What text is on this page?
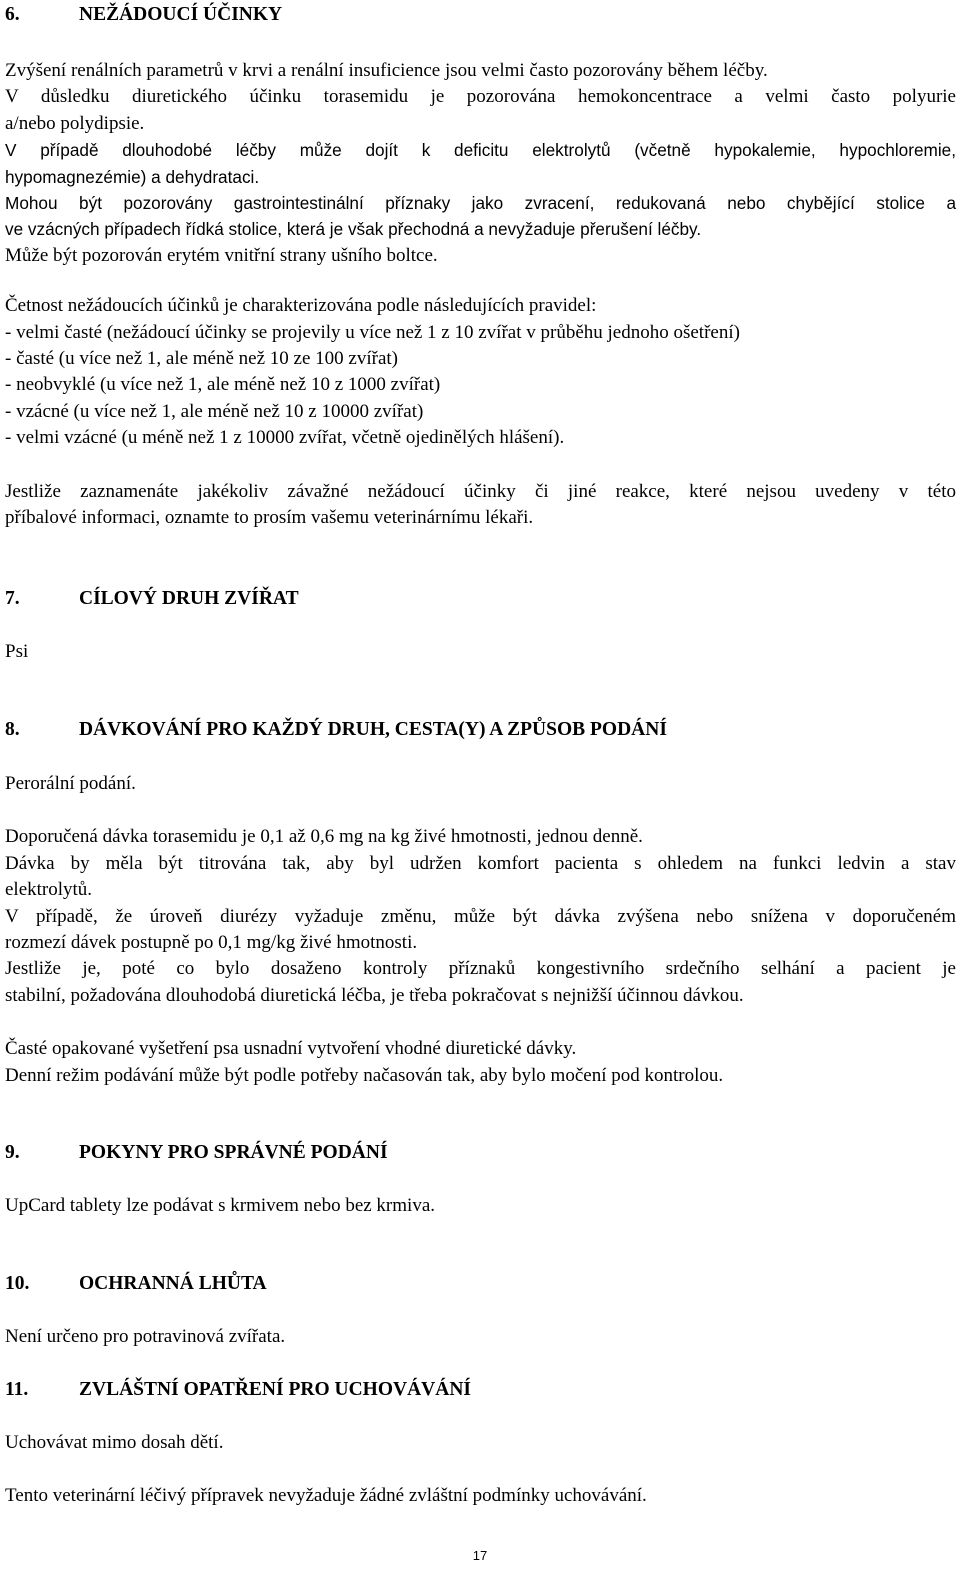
6.	NEŽÁDOUCÍ ÚČINKY
Zvýšení renálních parametrů v krvi a renální insuficience jsou velmi často pozorovány během léčby.
V důsledku diuretického účinku torasemidu je pozorována hemokoncentrace a velmi často polyurie
a/nebo polydipsie.
V případě dlouhodobé léčby může dojít k deficitu elektrolytů (včetně hypokalemie, hypochloremie,
hypomagnezémie) a dehydrataci.
Mohou být pozorovány gastrointestinální příznaky jako zvracení, redukovaná nebo chybějící stolice a
ve vzácných případech řídká stolice, která je však přechodná a nevyžaduje přerušení léčby.
Může být pozorován erytém vnitřní strany ušního boltce.
Četnost nežádoucích účinků je charakterizována podle následujících pravidel:
- velmi časté (nežádoucí účinky se projevily u více než 1 z 10 zvířat v průběhu jednoho ošetření)
- časté (u více než 1, ale méně než 10 ze 100 zvířat)
- neobvyklé (u více než 1, ale méně než 10 z 1000 zvířat)
- vzácné (u více než 1, ale méně než 10 z 10000 zvířat)
- velmi vzácné (u méně než 1 z 10000 zvířat, včetně ojedinělých hlášení).
Jestliže zaznamenáte jakékoliv závažné nežádoucí účinky či jiné reakce, které nejsou uvedeny v této
příbalové informaci, oznamte to prosím vašemu veterinárnímu lékaři.
7.	CÍLOVÝ DRUH ZVÍŘAT
Psi
8.	DÁVKOVÁNÍ PRO KAŽDÝ DRUH, CESTA(Y) A ZPŮSOB PODÁNÍ
Perorální podání.
Doporučená dávka torasemidu je 0,1 až 0,6 mg na kg živé hmotnosti, jednou denně.
Dávka by měla být titrována tak, aby byl udržen komfort pacienta s ohledem na funkci ledvin a stav
elektrolytů.
V případě, že úroveň diurézy vyžaduje změnu, může být dávka zvýšena nebo snížena v doporučeném
rozmezí dávek postupně po 0,1 mg/kg živé hmotnosti.
Jestliže je, poté co bylo dosaženo kontroly příznaků kongestivního srdečního selhání a pacient je
stabilní, požadována dlouhodobá diuretická léčba, je třeba pokračovat s nejnižší účinnou dávkou.
Časté opakované vyšetření psa usnadní vytvoření vhodné diuretické dávky.
Denní režim podávání může být podle potřeby načasován tak, aby bylo močení pod kontrolou.
9.	POKYNY PRO SPRÁVNÉ PODÁNÍ
UpCard tablety lze podávat s krmivem nebo bez krmiva.
10.	OCHRANNÁ LHŮTA
Není určeno pro potravinová zvířata.
11.	ZVLÁŠTNÍ OPATŘENÍ PRO UCHOVÁVÁNÍ
Uchovávat mimo dosah dětí.
Tento veterinární léčivý přípravek nevyžaduje žádné zvláštní podmínky uchovávání.
17
